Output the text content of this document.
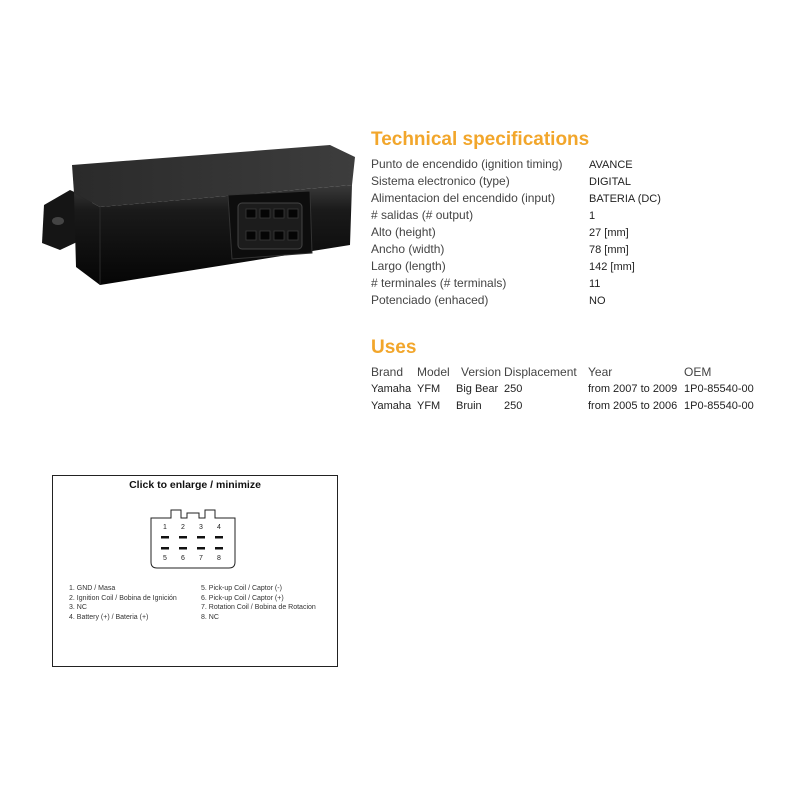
Technical specifications
Punto de encendido (ignition timing) AVANCE
Sistema electronico (type)	DIGITAL
Alimentacion del encendido (input)	BATERIA (DC)
# salidas (# output)	1
Alto (height)	27 [mm]
Ancho (width)	78 [mm]
Largo (length)	142 [mm]
# terminales (# terminals)	11
Potenciado (enhaced)	NO
Uses
Brand Model Version Displacement Year	OEM
Yamaha YFM Big Bear 250	from 2007 to 2009 1P0-85540-00
Yamaha YFM Bruin 250	from 2005 to 2006 1P0-85540-00
Click to enlarge / minimize
1 2 3 4
5 6 7 8
1. GND / Masa
2. Ignition Coil / Bobina de Ignición
3. NC
4. Battery (+) / Bateria (+)
5. Pick-up Coil / Captor (-)
6. Pick-up Coil / Captor (+)
7. Rotation Coil / Bobina de Rotacion
8. NC
